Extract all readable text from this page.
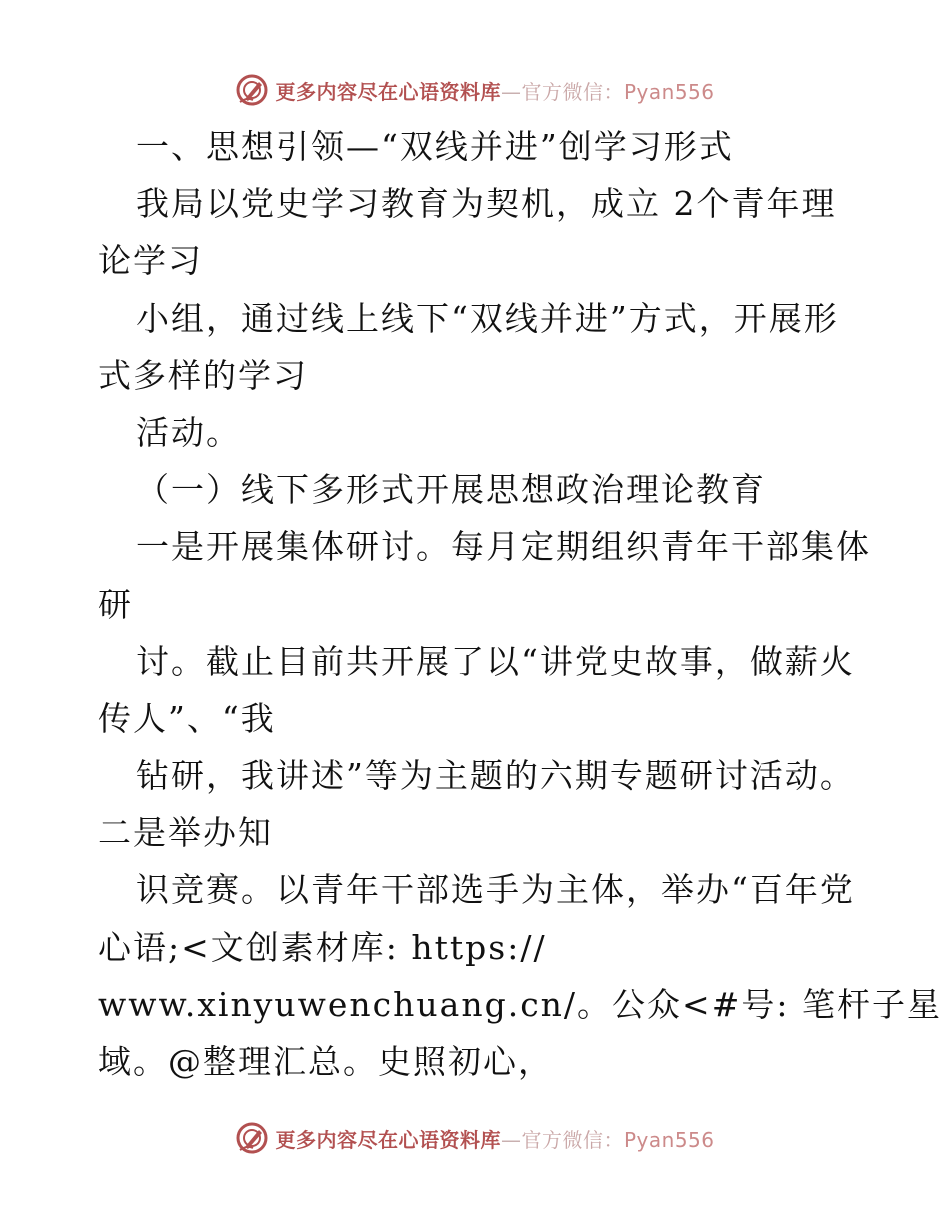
更多内容尽在心语资料库—官方微信：Pyan556
一、思想引领—“双线并进”创学习形式
我局以党史学习教育为契机，成立 2个青年理
论学习
小组，通过线上线下“双线并进”方式，开展形
式多样的学习
活动。
（一）线下多形式开展思想政治理论教育
一是开展集体研讨。每月定期组织青年干部集体
研
讨。截止目前共开展了以“讲党史故事，做薪火
传人”、“我
钻研，我讲述”等为主题的六期专题研讨活动。
二是举办知
识竞赛。以青年干部选手为主体，举办“百年党
心语;<文创素材库: https://
www.xinyuwenchuang.cn/。公众<#号: 笔杆子星
域。@整理汇总。史照初心，
更多内容尽在心语资料库—官方微信：Pyan556
